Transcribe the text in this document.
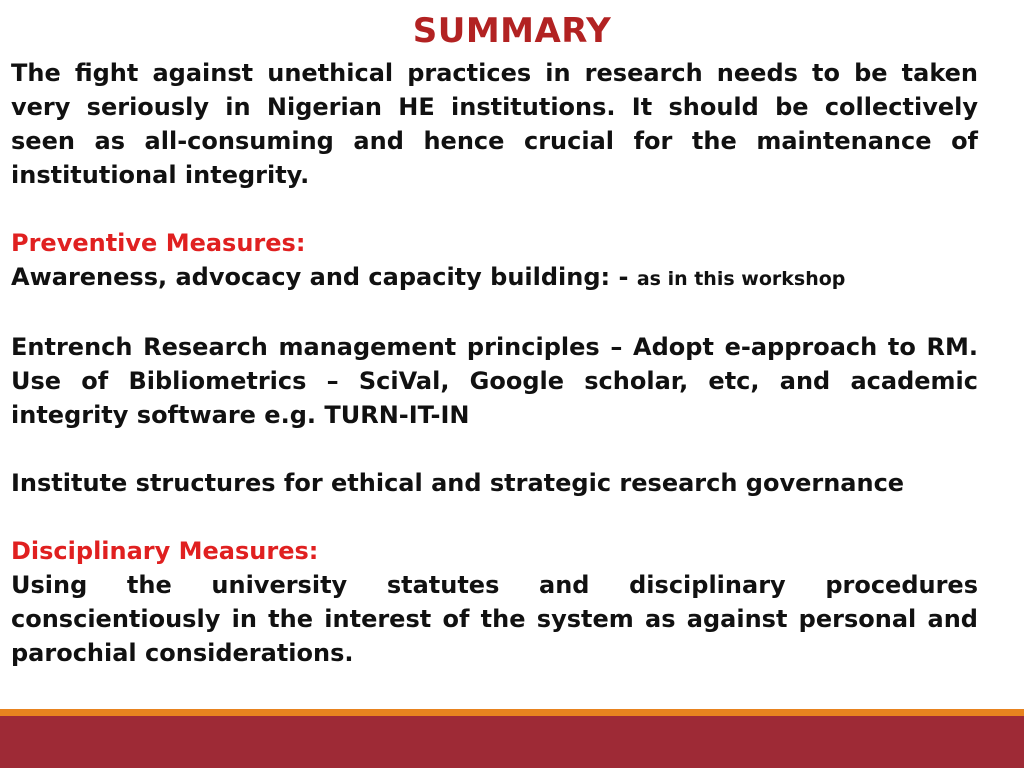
SUMMARY

The fight against unethical practices in research needs to be taken very seriously in Nigerian HE institutions. It should be collectively seen as all-consuming and hence crucial for the maintenance of institutional integrity.

Preventive Measures:

Awareness, advocacy and capacity building: - as in this workshop

Entrench Research management principles – Adopt e-approach to RM. Use of Bibliometrics – SciVal, Google scholar, etc, and academic integrity software e.g. TURN-IT-IN

Institute structures for ethical and strategic research governance

Disciplinary Measures:

Using the university statutes and disciplinary procedures conscientiously in the interest of the system as against personal and parochial considerations.
